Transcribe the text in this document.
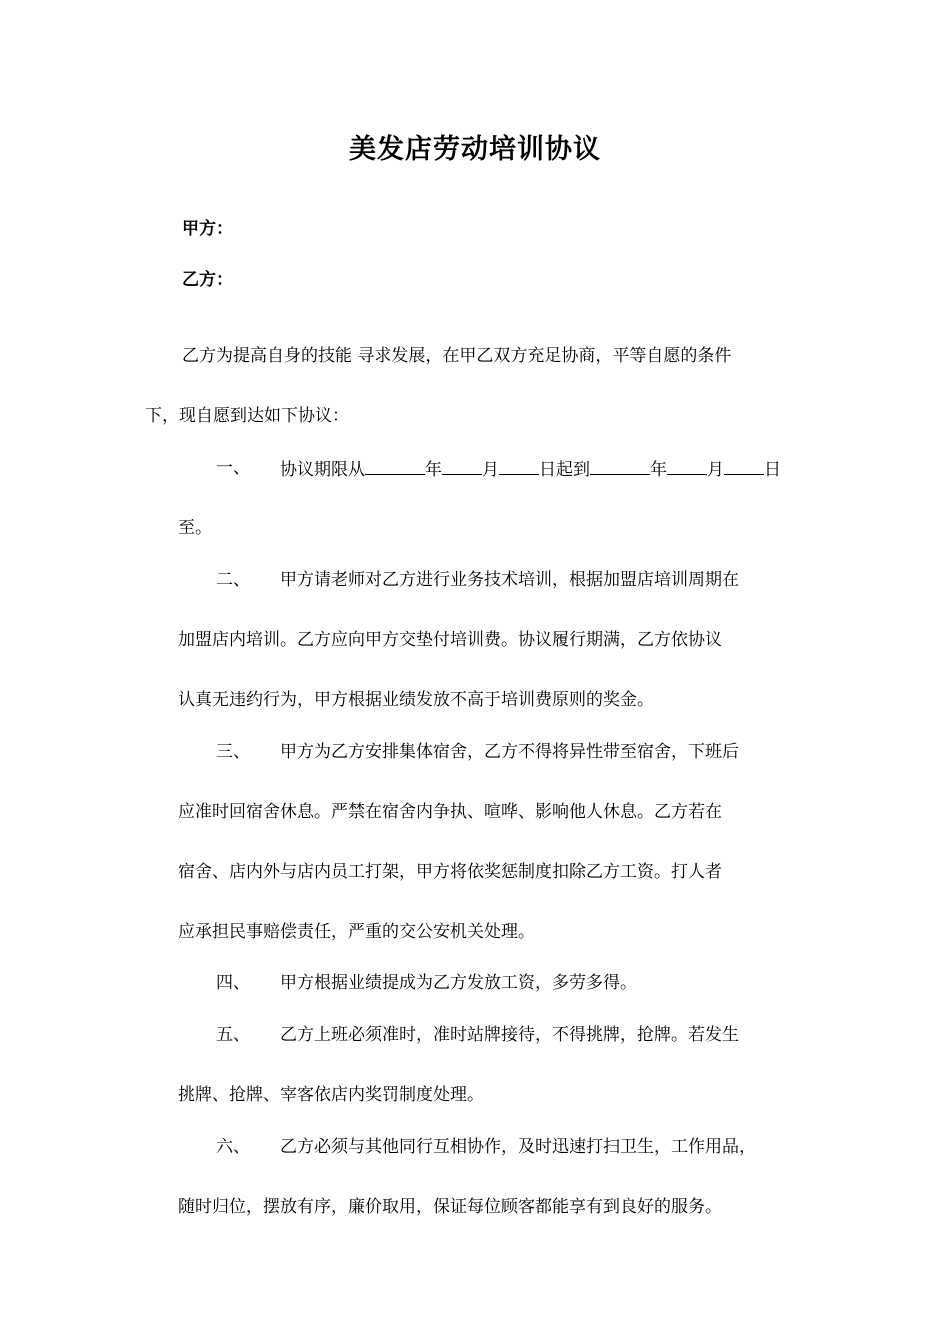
美发店劳动培训协议
甲方：
乙方：
乙方为提高自身的技能 寻求发展，在甲乙双方充足协商，平等自愿的条件
下，现自愿到达如下协议：
一、 协议期限从	年 月 日起到	年 月 日
至。
二、 甲方请老师对乙方进行业务技术培训，根据加盟店培训周期在
加盟店内培训。乙方应向甲方交垫付培训费。协议履行期满，乙方依协议
认真无违约行为，甲方根据业绩发放不高于培训费原则的奖金。
三、 甲方为乙方安排集体宿舍，乙方不得将异性带至宿舍，下班后
应准时回宿舍休息。严禁在宿舍内争执、喧哗、影响他人休息。乙方若在
宿舍、店内外与店内员工打架，甲方将依奖惩制度扣除乙方工资。打人者
应承担民事赔偿责任，严重的交公安机关处理。
四、 甲方根据业绩提成为乙方发放工资，多劳多得。
五、 乙方上班必须准时，准时站牌接待，不得挑牌，抢牌。若发生
挑牌、抢牌、宰客依店内奖罚制度处理。
六、 乙方必须与其他同行互相协作，及时迅速打扫卫生，工作用品，
随时归位，摆放有序，廉价取用，保证每位顾客都能享有到良好的服务。
